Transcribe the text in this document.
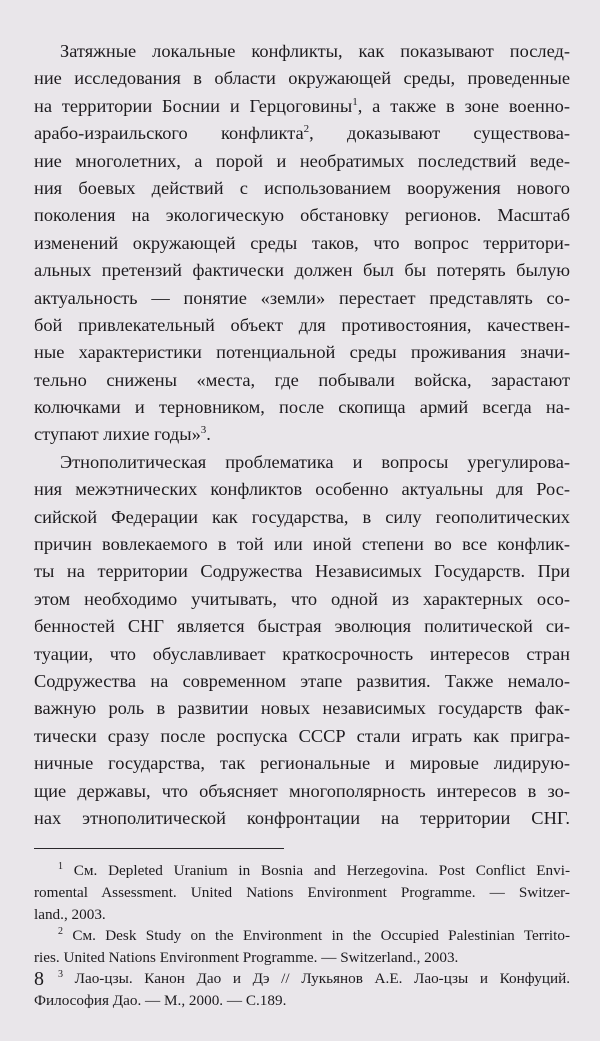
Затяжные локальные конфликты, как показывают послед-
ние исследования в области окружающей среды, проведенные
на территории Боснии и Герцоговины$^1$, а также в зоне военно-
арабо-израильского конфликта$^2$, доказывают существова-
ние многолетних, а порой и необратимых последствий веде-
ния боевых действий с использованием вооружения нового
поколения на экологическую обстановку регионов. Масштаб
изменений окружающей среды таков, что вопрос территори-
альных претензий фактически должен был бы потерять былую
актуальность — понятие «земли» перестает представлять со-
бой привлекательный объект для противостояния, качествен-
ные характеристики потенциальной среды проживания значи-
тельно снижены «места, где побывали войска, зарастают
колючками и терновником, после скопища армий всегда на-
ступают лихие годы»$^3$.
Этнополитическая проблематика и вопросы урегулирова-
ния межэтнических конфликтов особенно актуальны для Рос-
сийской Федерации как государства, в силу геополитических
причин вовлекаемого в той или иной степени во все конфлик-
ты на территории Содружества Независимых Государств. При
этом необходимо учитывать, что одной из характерных осо-
бенностей СНГ является быстрая эволюция политической си-
туации, что обуславливает краткосрочность интересов стран
Содружества на современном этапе развития. Также немало-
важную роль в развитии новых независимых государств фак-
тически сразу после роспуска СССР стали играть как пригра-
ничные государства, так региональные и мировые лидирую-
щие державы, что объясняет многополярность интересов в зо-
нах этнополитической конфронтации на территории СНГ.
$^1$ См. Depleted Uranium in Bosnia and Herzegovina. Post Conflict Envi-
romental Assessment. United Nations Environment Programme. — Switzer-
land., 2003.
$^2$ См. Desk Study on the Environment in the Occupied Palestinian Territo-
ries. United Nations Environment Programme. — Switzerland., 2003.
$^3$ Лао-цзы. Канон Дао и Дэ // Лукьянов А.Е. Лао-цзы и Конфуций.
Философия Дао. — М., 2000. — С.189.
8
